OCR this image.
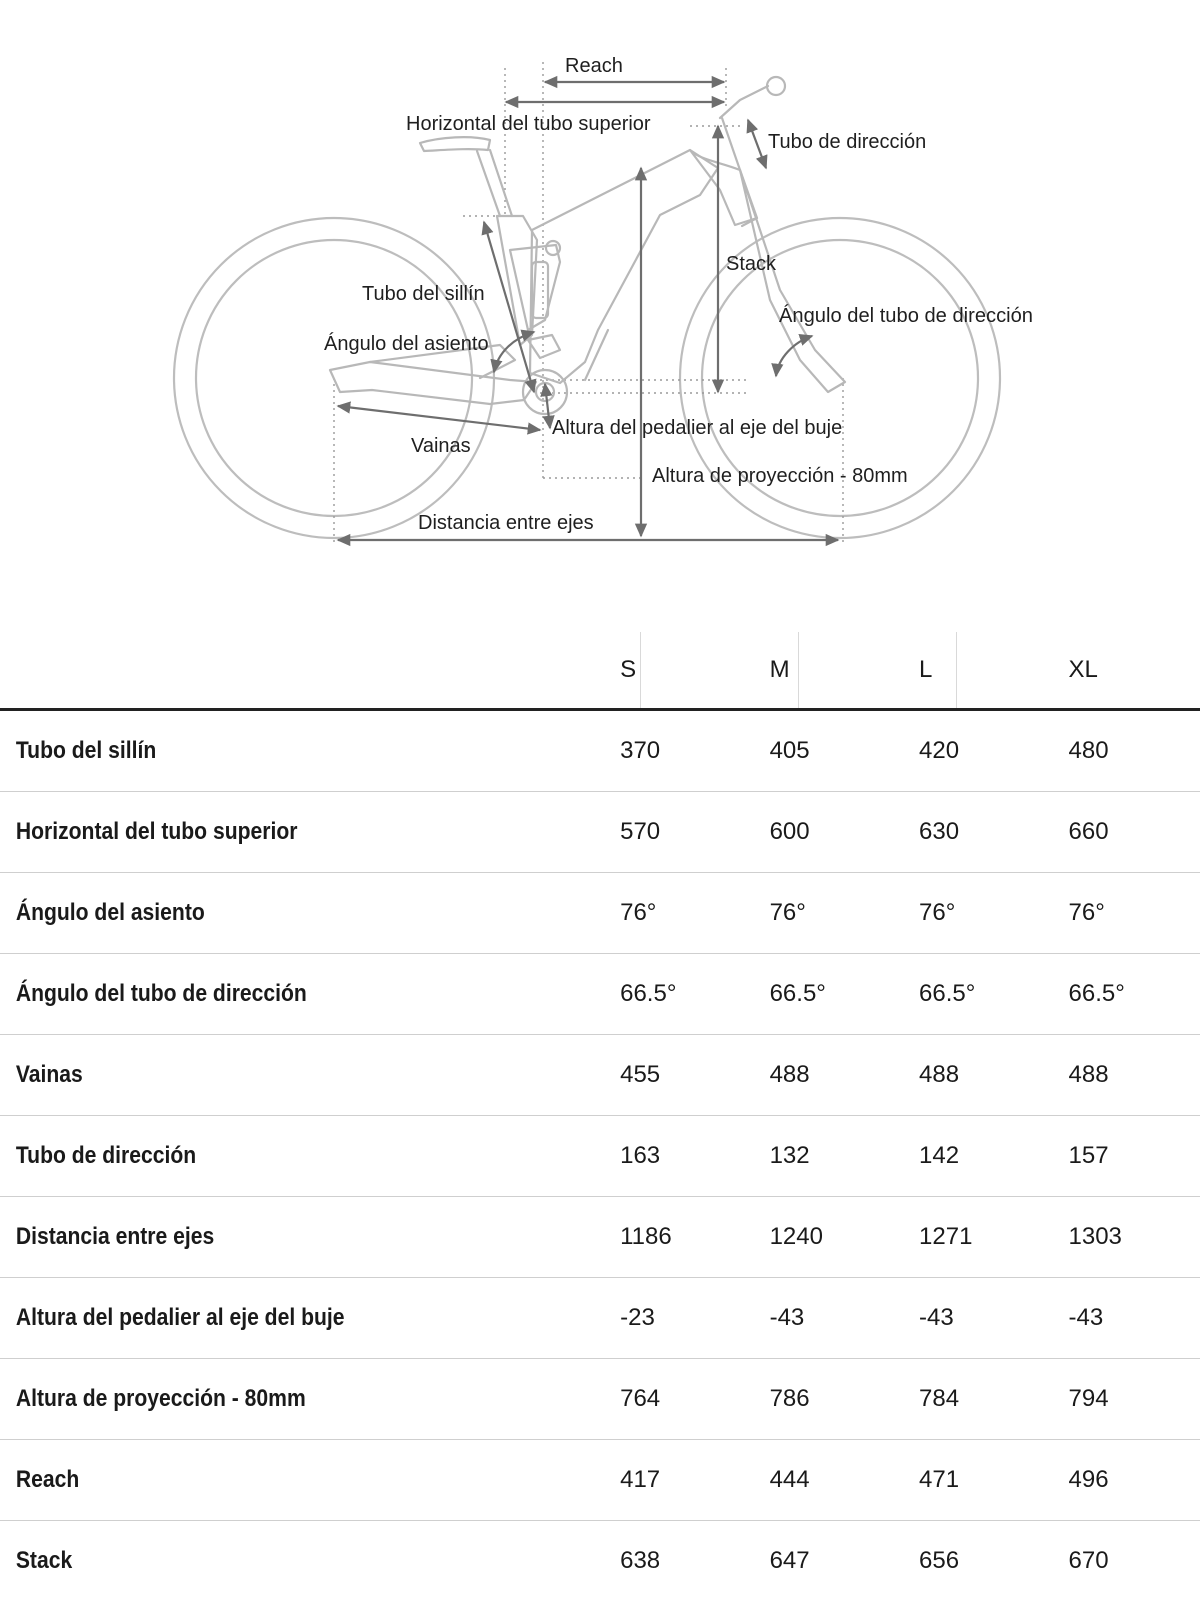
Reach
Horizontal del tubo superior
Tubo de dirección
Stack
Tubo del sillín
Ángulo del tubo de dirección
Ángulo del asiento
Altura del pedalier al eje del buje
Vainas
Altura de proyección - 80mm
Distancia entre ejes
S	M	L	XL
Tubo del sillín	370	405	420	480
Horizontal del tubo superior	570	600	630	660
Ángulo del asiento	76°	76°	76°	76°
Ángulo del tubo de dirección	66.5°	66.5°	66.5°	66.5°
Vainas	455	488	488	488
Tubo de dirección	163	132	142	157
Distancia entre ejes	1186	1240	1271	1303
Altura del pedalier al eje del buje	-23	-43	-43	-43
Altura de proyección - 80mm	764	786	784	794
Reach	417	444	471	496
Stack	638	647	656	670
